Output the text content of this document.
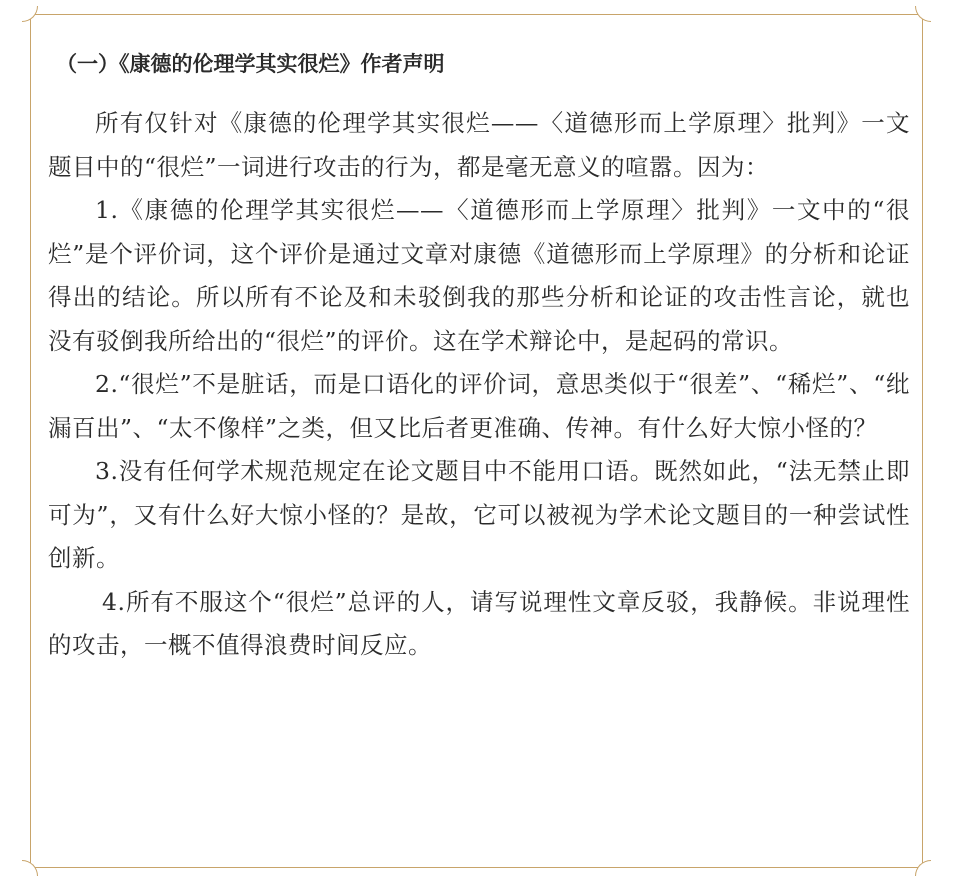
（一）《康德的伦理学其实很烂》作者声明

所有仅针对《康德的伦理学其实很烂——〈道德形而上学原理〉批判》一文题目中的“很烂”一词进行攻击的行为，都是毫无意义的喧嚣。因为：

1.《康德的伦理学其实很烂——〈道德形而上学原理〉批判》一文中的“很烂”是个评价词，这个评价是通过文章对康德《道德形而上学原理》的分析和论证得出的结论。所以所有不论及和未驳倒我的那些分析和论证的攻击性言论，就也没有驳倒我所给出的“很烂”的评价。这在学术辩论中，是起码的常识。

2.“很烂”不是脏话，而是口语化的评价词，意思类似于“很差”、“稀烂”、“纰漏百出”、“太不像样”之类，但又比后者更准确、传神。有什么好大惊小怪的？

3.没有任何学术规范规定在论文题目中不能用口语。既然如此，“法无禁止即可为”，又有什么好大惊小怪的？是故，它可以被视为学术论文题目的一种尝试性创新。

4.所有不服这个“很烂”总评的人，请写说理性文章反驳，我静候。非说理性的攻击，一概不值得浪费时间反应。
